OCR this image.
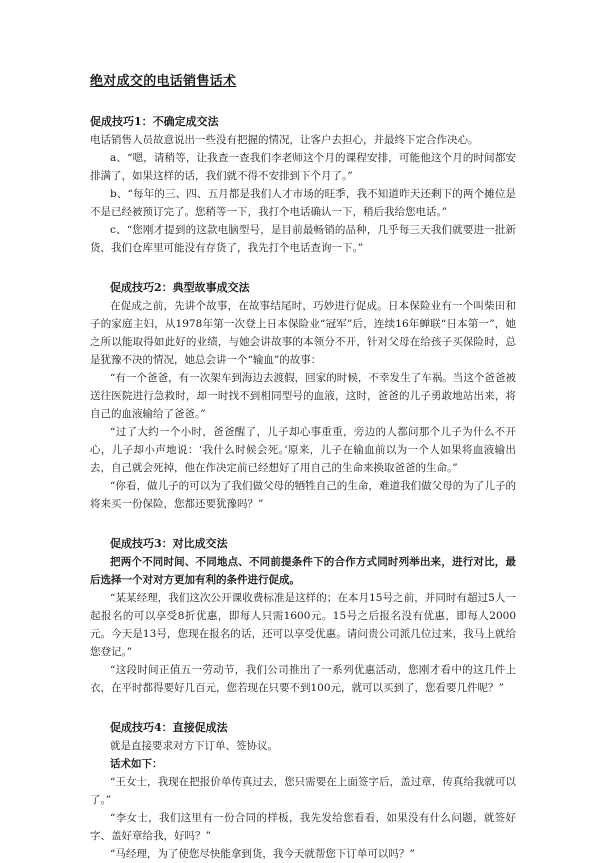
绝对成交的电话销售话术

促成技巧1：不确定成交法

电话销售人员故意说出一些没有把握的情况，让客户去担心，并最终下定合作决心。

a、“嗯，请稍等，让我查一查我们李老师这个月的课程安排，可能他这个月的时间都安排满了，如果这样的话，我们就不得不安排到下个月了。”

b、“每年的三、四、五月都是我们人才市场的旺季，我不知道昨天还剩下的两个摊位是不是已经被预订完了。您稍等一下，我打个电话确认一下，稍后我给您电话。”

c、“您刚才提到的这款电脑型号，是目前最畅销的品种，几乎每三天我们就要进一批新货，我们仓库里可能没有存货了，我先打个电话查询一下。”

促成技巧2：典型故事成交法

在促成之前，先讲个故事，在故事结尾时，巧妙进行促成。日本保险业有一个叫柴田和子的家庭主妇，从1978年第一次登上日本保险业“冠军”后，连续16年蝉联“日本第一”，她之所以能取得如此好的业绩，与她会讲故事的本领分不开，针对父母在给孩子买保险时，总是犹豫不决的情况，她总会讲一个“输血”的故事：

“有一个爸爸，有一次架车到海边去渡假，回家的时候，不幸发生了车祸。当这个爸爸被送往医院进行急救时，却一时找不到相同型号的血液，这时，爸爸的儿子勇敢地站出来，将自己的血液输给了爸爸。”

“过了大约一个小时，爸爸醒了，儿子却心事重重，旁边的人都问那个儿子为什么不开心，儿子却小声地说：‘我什么时候会死。’原来，儿子在输血前以为一个人如果将血液输出去，自己就会死掉，他在作决定前已经想好了用自己的生命来换取爸爸的生命。”

“你看，做儿子的可以为了我们做父母的牺牲自己的生命，难道我们做父母的为了儿子的将来买一份保险，您都还要犹豫吗？”

促成技巧3：对比成交法

把两个不同时间、不同地点、不同前提条件下的合作方式同时列举出来，进行对比，最后选择一个对对方更加有利的条件进行促成。

“某某经理，我们这次公开课收费标准是这样的；在本月15号之前，并同时有超过5人一起报名的可以享受8折优惠，即每人只需1600元。15号之后报名没有优惠，即每人2000元。今天是13号，您现在报名的话，还可以享受优惠。请问贵公司派几位过来，我马上就给您登记。”

“这段时间正值五一劳动节，我们公司推出了一系列优惠活动，您刚才看中的这几件上衣，在平时都得要好几百元，您若现在只要不到100元，就可以买到了，您看要几件呢？”

促成技巧4：直接促成法

就是直接要求对方下订单、签协议。

话术如下：

“王女士，我现在把报价单传真过去，您只需要在上面签字后，盖过章，传真给我就可以了。”

“李女士，我们这里有一份合同的样板，我先发给您看看，如果没有什么问题，就签好字、盖好章给我，好吗？”

“马经理，为了使您尽快能拿到货，我今天就帮您下订单可以吗？”
